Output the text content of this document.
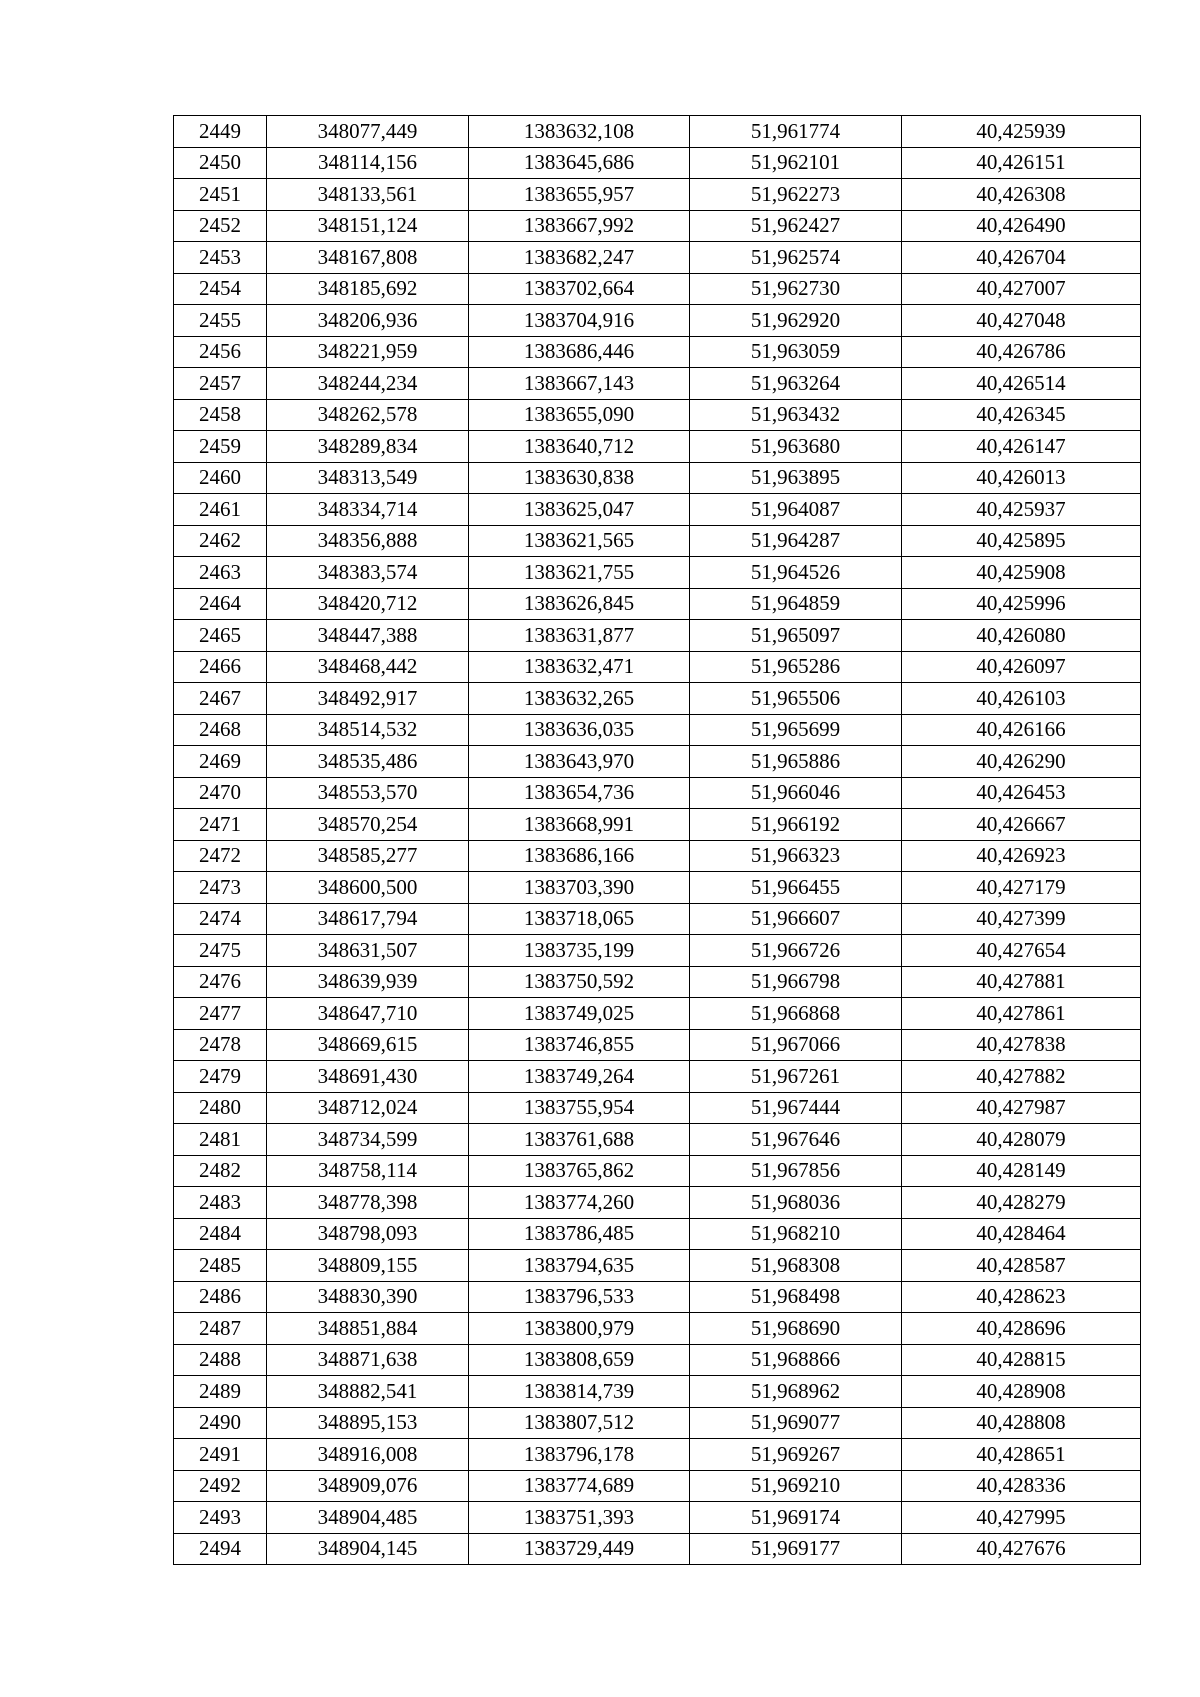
2449	348077,449	1383632,108	51,961774	40,425939
2450	348114,156	1383645,686	51,962101	40,426151
2451	348133,561	1383655,957	51,962273	40,426308
2452	348151,124	1383667,992	51,962427	40,426490
2453	348167,808	1383682,247	51,962574	40,426704
2454	348185,692	1383702,664	51,962730	40,427007
2455	348206,936	1383704,916	51,962920	40,427048
2456	348221,959	1383686,446	51,963059	40,426786
2457	348244,234	1383667,143	51,963264	40,426514
2458	348262,578	1383655,090	51,963432	40,426345
2459	348289,834	1383640,712	51,963680	40,426147
2460	348313,549	1383630,838	51,963895	40,426013
2461	348334,714	1383625,047	51,964087	40,425937
2462	348356,888	1383621,565	51,964287	40,425895
2463	348383,574	1383621,755	51,964526	40,425908
2464	348420,712	1383626,845	51,964859	40,425996
2465	348447,388	1383631,877	51,965097	40,426080
2466	348468,442	1383632,471	51,965286	40,426097
2467	348492,917	1383632,265	51,965506	40,426103
2468	348514,532	1383636,035	51,965699	40,426166
2469	348535,486	1383643,970	51,965886	40,426290
2470	348553,570	1383654,736	51,966046	40,426453
2471	348570,254	1383668,991	51,966192	40,426667
2472	348585,277	1383686,166	51,966323	40,426923
2473	348600,500	1383703,390	51,966455	40,427179
2474	348617,794	1383718,065	51,966607	40,427399
2475	348631,507	1383735,199	51,966726	40,427654
2476	348639,939	1383750,592	51,966798	40,427881
2477	348647,710	1383749,025	51,966868	40,427861
2478	348669,615	1383746,855	51,967066	40,427838
2479	348691,430	1383749,264	51,967261	40,427882
2480	348712,024	1383755,954	51,967444	40,427987
2481	348734,599	1383761,688	51,967646	40,428079
2482	348758,114	1383765,862	51,967856	40,428149
2483	348778,398	1383774,260	51,968036	40,428279
2484	348798,093	1383786,485	51,968210	40,428464
2485	348809,155	1383794,635	51,968308	40,428587
2486	348830,390	1383796,533	51,968498	40,428623
2487	348851,884	1383800,979	51,968690	40,428696
2488	348871,638	1383808,659	51,968866	40,428815
2489	348882,541	1383814,739	51,968962	40,428908
2490	348895,153	1383807,512	51,969077	40,428808
2491	348916,008	1383796,178	51,969267	40,428651
2492	348909,076	1383774,689	51,969210	40,428336
2493	348904,485	1383751,393	51,969174	40,427995
2494	348904,145	1383729,449	51,969177	40,427676
